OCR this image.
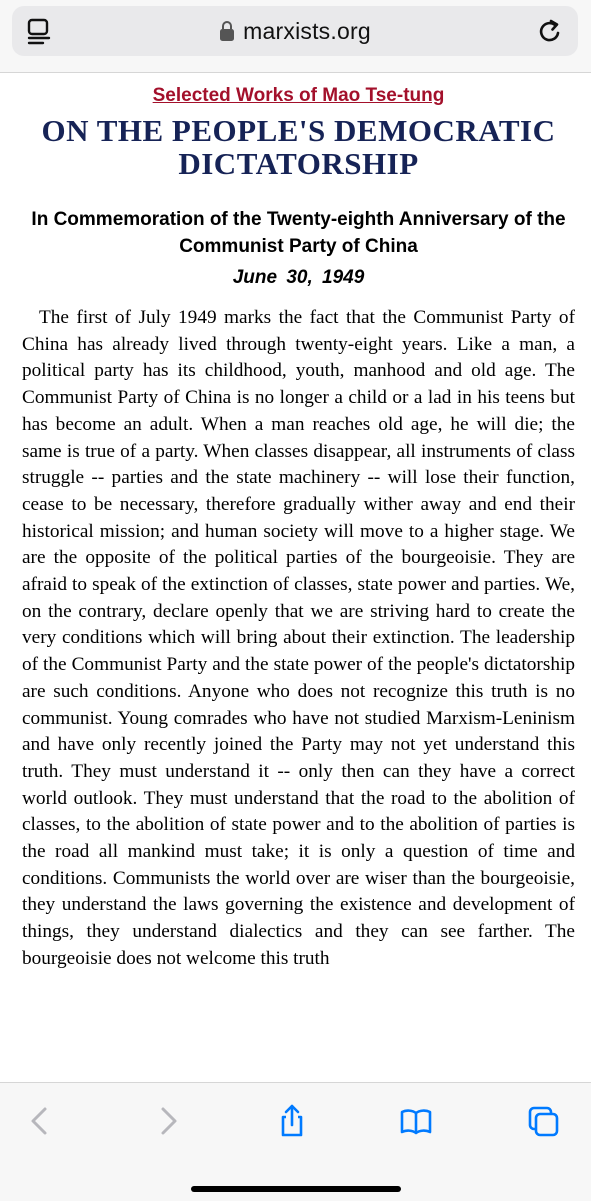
marxists.org
Selected Works of Mao Tse-tung
ON THE PEOPLE'S DEMOCRATIC DICTATORSHIP
In Commemoration of the Twenty-eighth Anniversary of the Communist Party of China
June 30, 1949

The first of July 1949 marks the fact that the Communist Party of China has already lived through twenty-eight years. Like a man, a political party has its childhood, youth, manhood and old age. The Communist Party of China is no longer a child or a lad in his teens but has become an adult. When a man reaches old age, he will die; the same is true of a party. When classes disappear, all instruments of class struggle -- parties and the state machinery -- will lose their function, cease to be necessary, therefore gradually wither away and end their historical mission; and human society will move to a higher stage. We are the opposite of the political parties of the bourgeoisie. They are afraid to speak of the extinction of classes, state power and parties. We, on the contrary, declare openly that we are striving hard to create the very conditions which will bring about their extinction. The leadership of the Communist Party and the state power of the people's dictatorship are such conditions. Anyone who does not recognize this truth is no communist. Young comrades who have not studied Marxism-Leninism and have only recently joined the Party may not yet understand this truth. They must understand it -- only then can they have a correct world outlook. They must understand that the road to the abolition of classes, to the abolition of state power and to the abolition of parties is the road all mankind must take; it is only a question of time and conditions. Communists the world over are wiser than the bourgeoisie, they understand the laws governing the existence and development of things, they understand dialectics and they can see farther. The bourgeoisie does not welcome this truth
